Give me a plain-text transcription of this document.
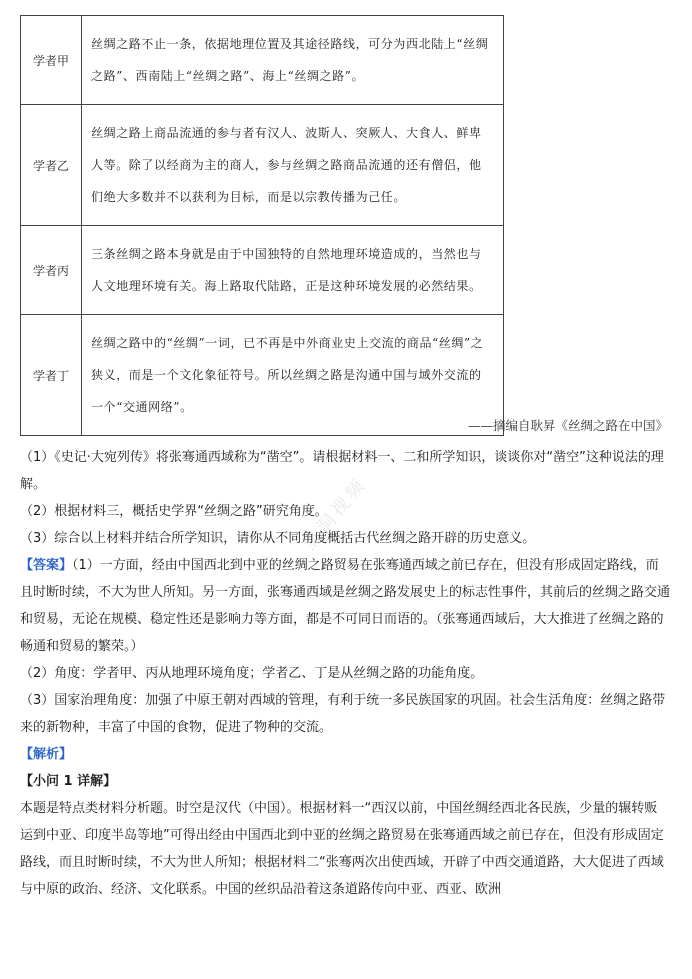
学者甲	丝绸之路不止一条，依据地理位置及其途径路线，可分为西北陆上“丝绸之路”、西南陆上“丝绸之路”、海上“丝绸之路”。
学者乙	丝绸之路上商品流通的参与者有汉人、波斯人、突厥人、大食人、鲜卑人等。除了以经商为主的商人，参与丝绸之路商品流通的还有僧侣，他们绝大多数并不以获利为目标，而是以宗教传播为己任。
学者丙	三条丝绸之路本身就是由于中国独特的自然地理环境造成的，当然也与人文地理环境有关。海上路取代陆路，正是这种环境发展的必然结果。
学者丁	丝绸之路中的“丝绸”一词，已不再是中外商业史上交流的商品“丝绸”之狭义，而是一个文化象征符号。所以丝绸之路是沟通中国与域外交流的一个“交通网络”。
——摘编自耿昇《丝绸之路在中国》
黑洞视频

（1）《史记·大宛列传》将张骞通西域称为“凿空”。请根据材料一、二和所学知识，谈谈你对“凿空”这种说法的理解。

（2）根据材料三，概括史学界“丝绸之路”研究角度。

（3）综合以上材料并结合所学知识，请你从不同角度概括古代丝绸之路开辟的历史意义。

【答案】（1）一方面，经由中国西北到中亚的丝绸之路贸易在张骞通西域之前已存在，但没有形成固定路线，而且时断时续，不大为世人所知。另一方面，张骞通西域是丝绸之路发展史上的标志性事件，其前后的丝绸之路交通和贸易，无论在规模、稳定性还是影响力等方面，都是不可同日而语的。（张骞通西域后，大大推进了丝绸之路的畅通和贸易的繁荣。）

（2）角度：学者甲、丙从地理环境角度；学者乙、丁是从丝绸之路的功能角度。

（3）国家治理角度：加强了中原王朝对西域的管理，有利于统一多民族国家的巩固。社会生活角度：丝绸之路带来的新物种，丰富了中国的食物，促进了物种的交流。

【解析】

【小问 1 详解】

本题是特点类材料分析题。时空是汉代（中国）。根据材料一“西汉以前，中国丝绸经西北各民族，少量的辗转贩运到中亚、印度半岛等地”可得出经由中国西北到中亚的丝绸之路贸易在张骞通西域之前已存在，但没有形成固定路线，而且时断时续，不大为世人所知；根据材料二“张骞两次出使西域，开辟了中西交通道路，大大促进了西域与中原的政治、经济、文化联系。中国的丝织品沿着这条道路传向中亚、西亚、欧洲
